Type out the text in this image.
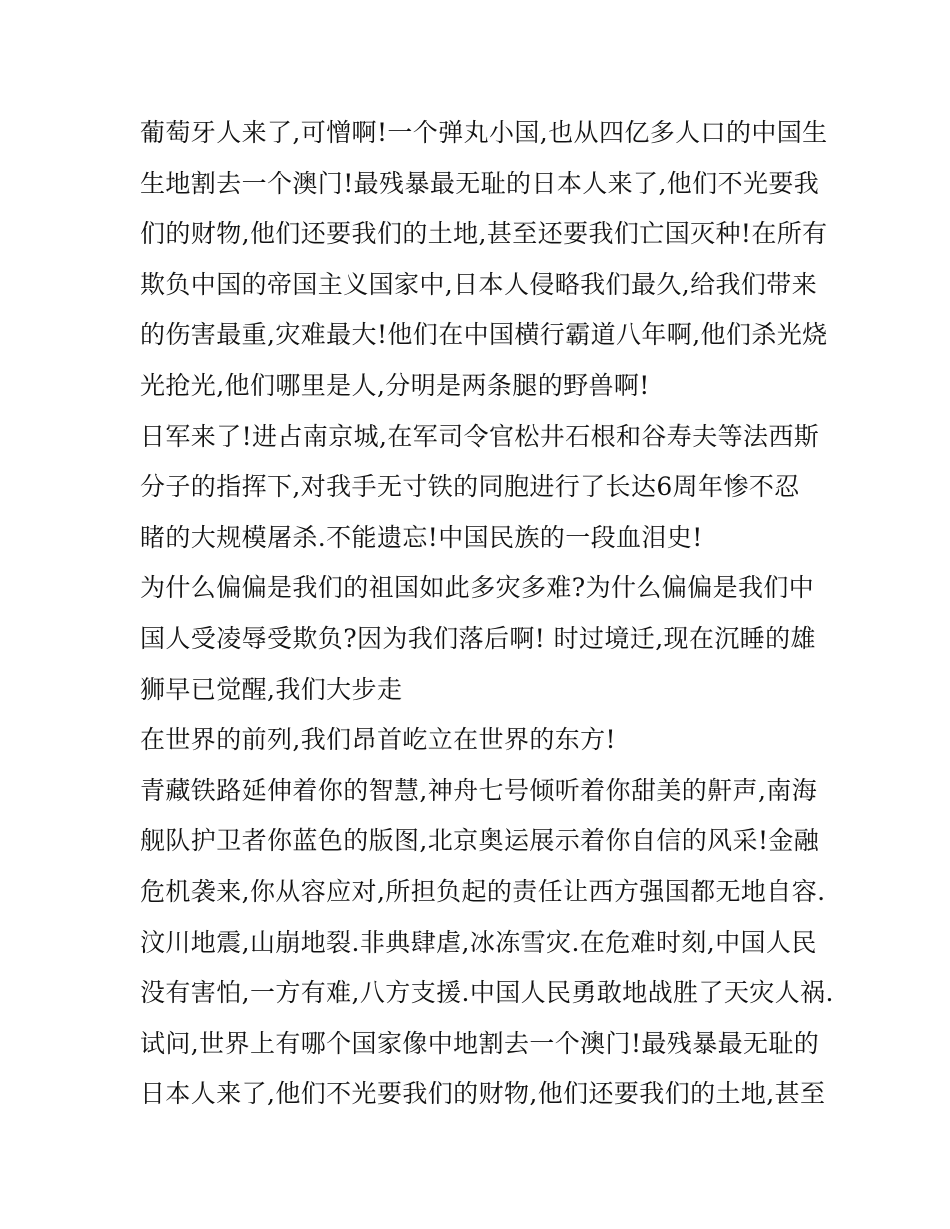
葡萄牙人来了,可憎啊!一个弹丸小国,也从四亿多人口的中国生
生地割去一个澳门!最残暴最无耻的日本人来了,他们不光要我
们的财物,他们还要我们的土地,甚至还要我们亡国灭种!在所有
欺负中国的帝国主义国家中,日本人侵略我们最久,给我们带来
的伤害最重,灾难最大!他们在中国横行霸道八年啊,他们杀光烧
光抢光,他们哪里是人,分明是两条腿的野兽啊!
日军来了!进占南京城,在军司令官松井石根和谷寿夫等法西斯
分子的指挥下,对我手无寸铁的同胞进行了长达6周年惨不忍
睹的大规模屠杀.不能遗忘!中国民族的一段血泪史!
为什么偏偏是我们的祖国如此多灾多难?为什么偏偏是我们中
国人受凌辱受欺负?因为我们落后啊! 时过境迁,现在沉睡的雄
狮早已觉醒,我们大步走
在世界的前列,我们昂首屹立在世界的东方!
青藏铁路延伸着你的智慧,神舟七号倾听着你甜美的鼾声,南海
舰队护卫者你蓝色的版图,北京奥运展示着你自信的风采!金融
危机袭来,你从容应对,所担负起的责任让西方强国都无地自容.
汶川地震,山崩地裂.非典肆虐,冰冻雪灾.在危难时刻,中国人民
没有害怕,一方有难,八方支援.中国人民勇敢地战胜了天灾人祸.
试问,世界上有哪个国家像中地割去一个澳门!最残暴最无耻的
日本人来了,他们不光要我们的财物,他们还要我们的土地,甚至
